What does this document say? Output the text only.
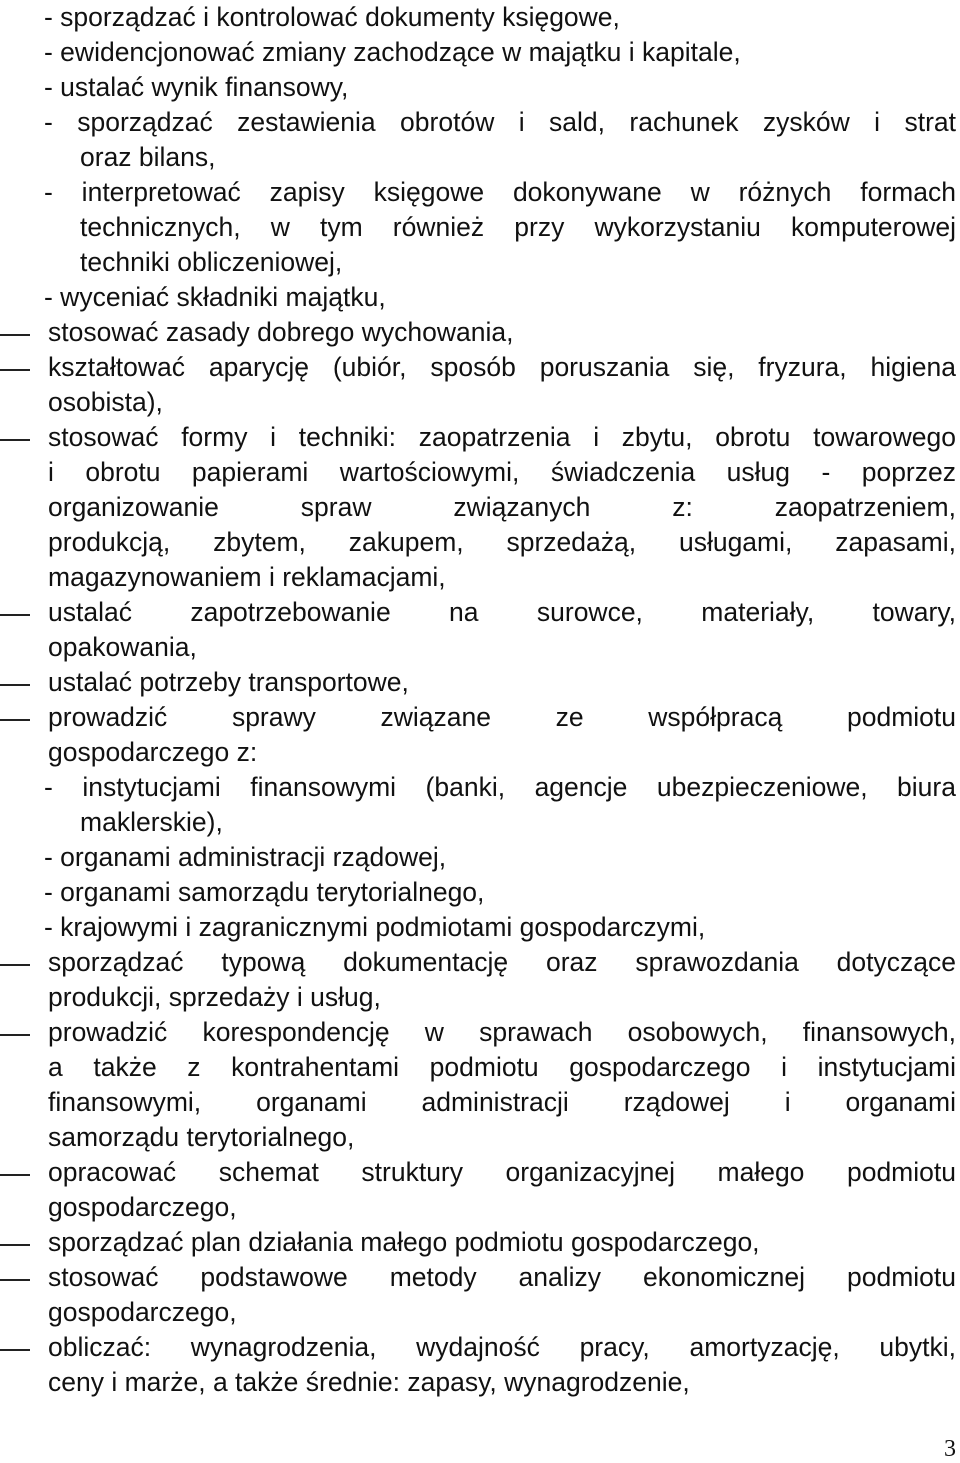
- sporządzać i kontrolować dokumenty księgowe,
- ewidencjonować zmiany zachodzące w majątku i kapitale,
- ustalać wynik finansowy,
- sporządzać zestawienia obrotów i sald, rachunek zysków i strat
oraz bilans,
- interpretować zapisy księgowe dokonywane w różnych formach
technicznych, w tym również przy wykorzystaniu komputerowej
techniki obliczeniowej,
- wyceniać składniki majątku,
stosować zasady dobrego wychowania,
kształtować aparycję (ubiór, sposób poruszania się, fryzura, higiena
osobista),
stosować formy i techniki: zaopatrzenia i zbytu, obrotu towarowego
i obrotu papierami wartościowymi, świadczenia usług - poprzez
organizowanie spraw związanych z: zaopatrzeniem,
produkcją, zbytem, zakupem, sprzedażą, usługami, zapasami,
magazynowaniem i reklamacjami,
ustalać zapotrzebowanie na surowce, materiały, towary,
opakowania,
ustalać potrzeby transportowe,
prowadzić sprawy związane ze współpracą podmiotu
gospodarczego z:
- instytucjami finansowymi (banki, agencje ubezpieczeniowe, biura
maklerskie),
- organami administracji rządowej,
- organami samorządu terytorialnego,
- krajowymi i zagranicznymi podmiotami gospodarczymi,
sporządzać typową dokumentację oraz sprawozdania dotyczące
produkcji, sprzedaży i usług,
prowadzić korespondencję w sprawach osobowych, finansowych,
a także z kontrahentami podmiotu gospodarczego i instytucjami
finansowymi, organami administracji rządowej i organami
samorządu terytorialnego,
opracować schemat struktury organizacyjnej małego podmiotu
gospodarczego,
sporządzać plan działania małego podmiotu gospodarczego,
stosować podstawowe metody analizy ekonomicznej podmiotu
gospodarczego,
obliczać: wynagrodzenia, wydajność pracy, amortyzację, ubytki,
ceny i marże, a także średnie: zapasy, wynagrodzenie,
3
